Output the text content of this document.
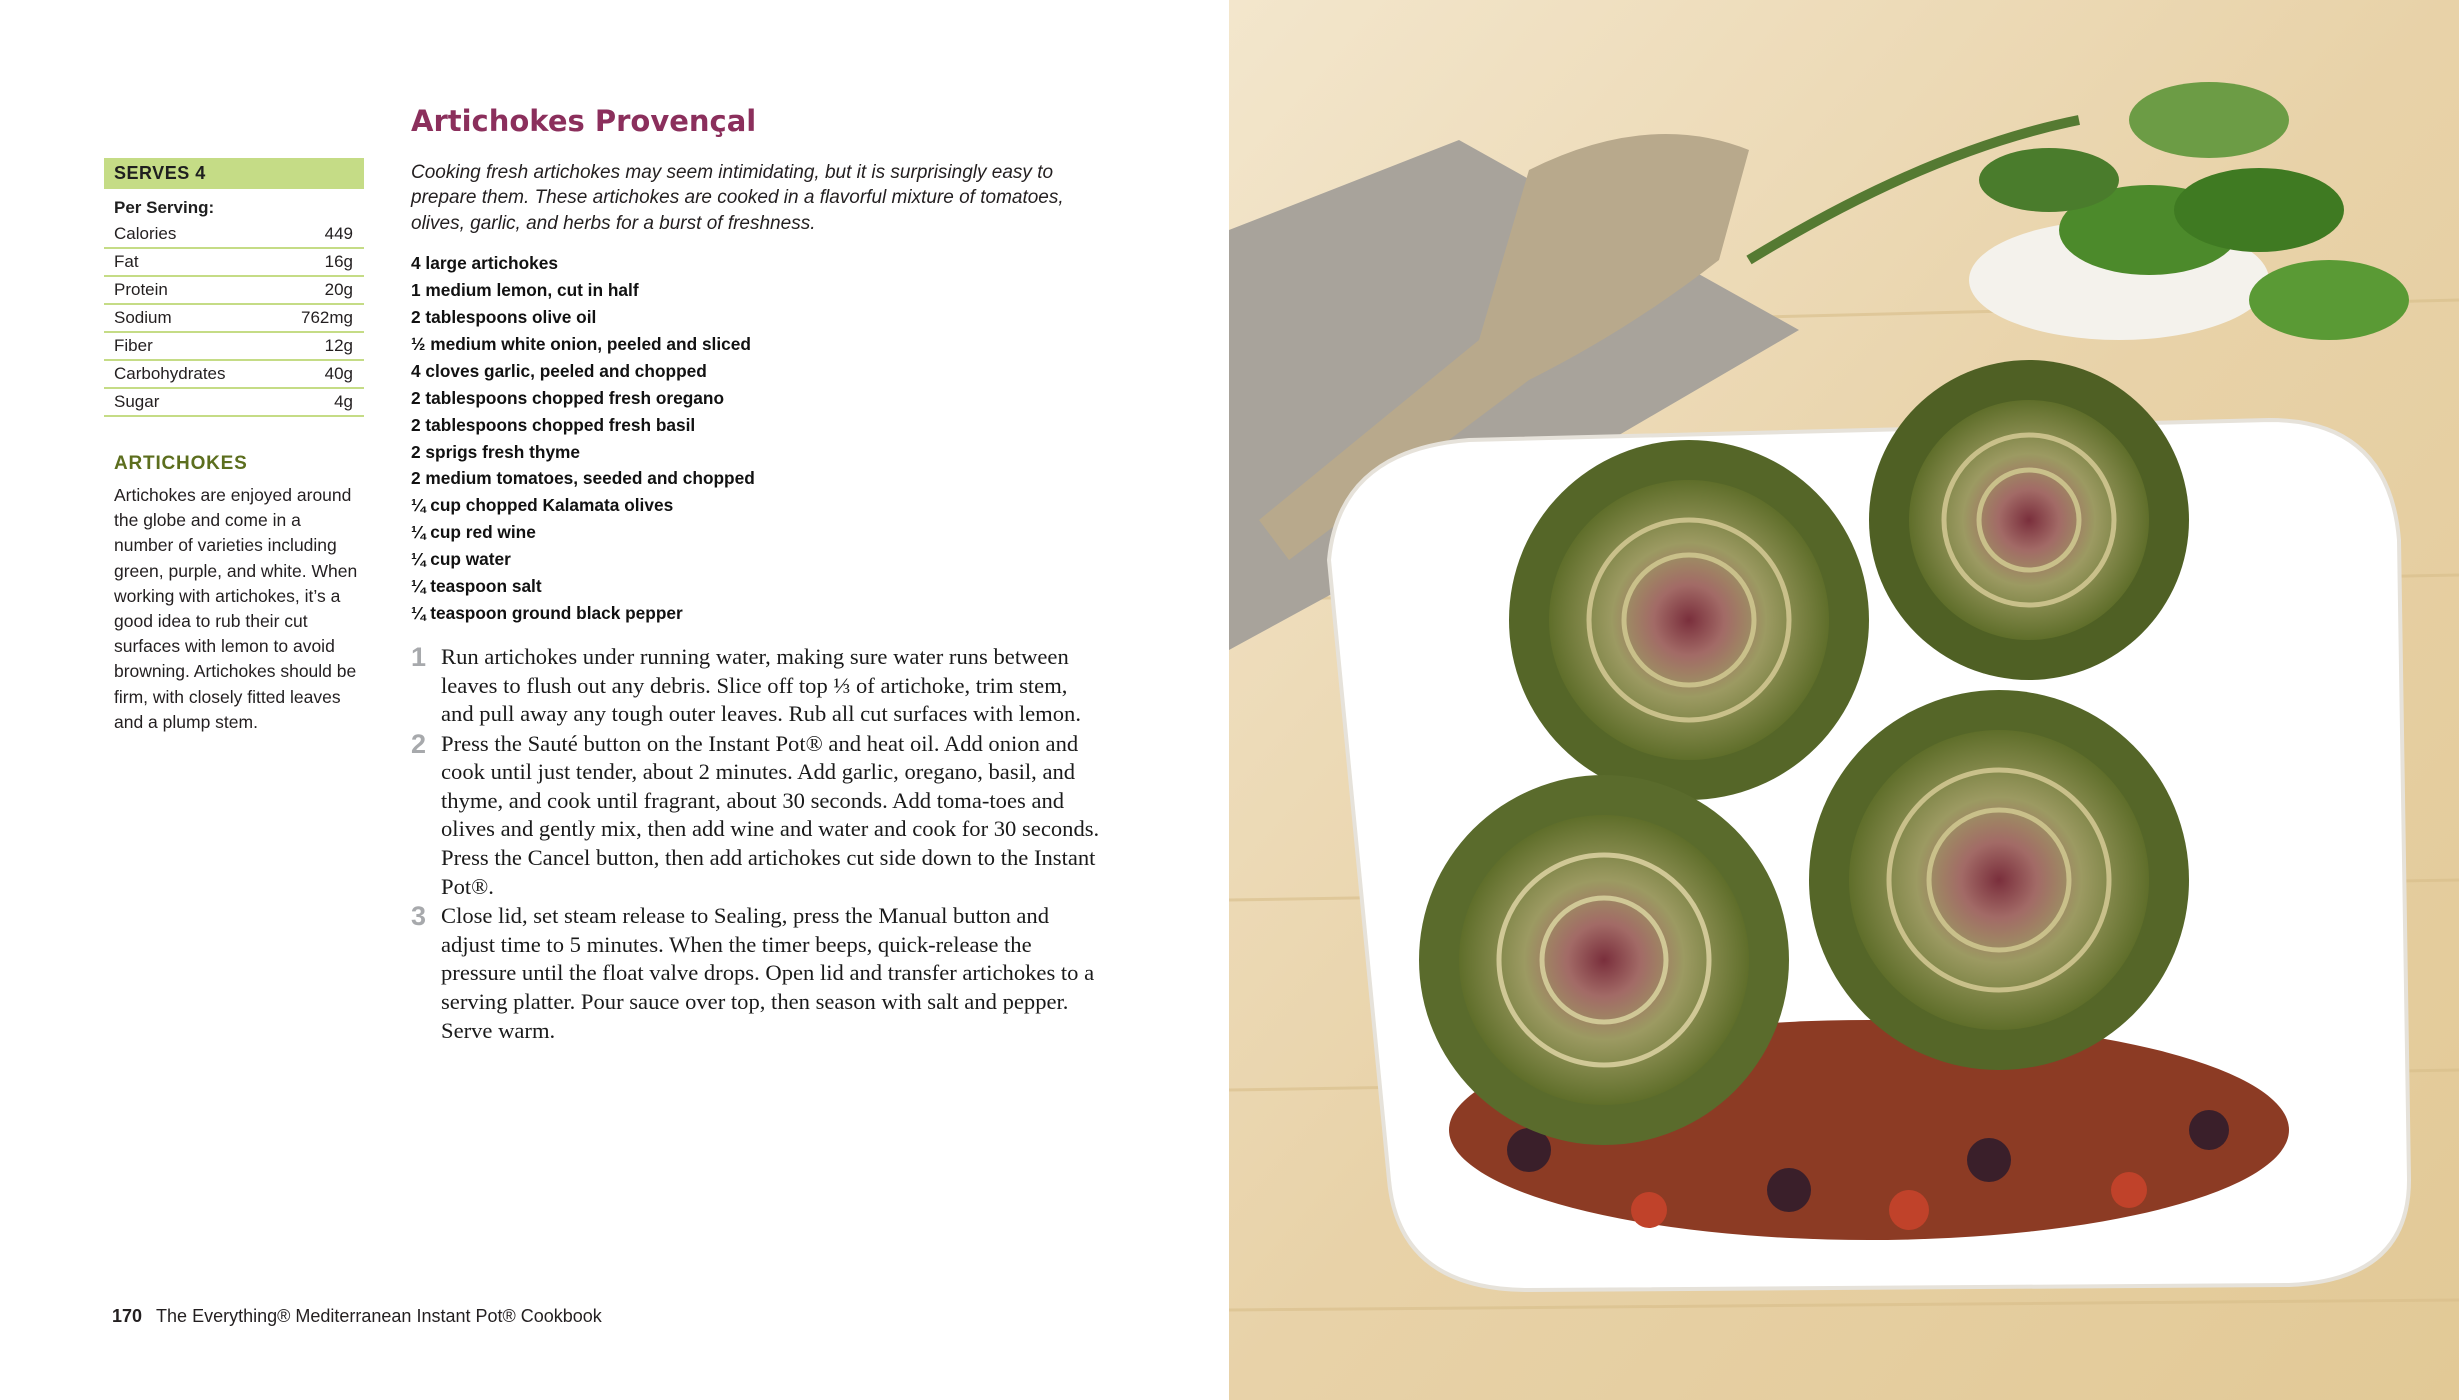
SERVES 4
Per Serving:
Calories	449
Fat	16g
Protein	20g
Sodium	762mg
Fiber	12g
Carbohydrates	40g
Sugar	4g
ARTICHOKES
Artichokes are enjoyed around the globe and come in a number of varieties including green, purple, and white. When working with artichokes, it’s a good idea to rub their cut surfaces with lemon to avoid browning. Artichokes should be firm, with closely fitted leaves and a plump stem.
Artichokes Provençal
Cooking fresh artichokes may seem intimidating, but it is surprisingly easy to prepare them. These artichokes are cooked in a flavorful mixture of tomatoes, olives, garlic, and herbs for a burst of freshness.
4 large artichokes
1 medium lemon, cut in half
2 tablespoons olive oil
½ medium white onion, peeled and sliced
4 cloves garlic, peeled and chopped
2 tablespoons chopped fresh oregano
2 tablespoons chopped fresh basil
2 sprigs fresh thyme
2 medium tomatoes, seeded and chopped
¼ cup chopped Kalamata olives
¼ cup red wine
¼ cup water
¼ teaspoon salt
¼ teaspoon ground black pepper
1 Run artichokes under running water, making sure water runs between leaves to flush out any debris. Slice off top ⅓ of artichoke, trim stem, and pull away any tough outer leaves. Rub all cut surfaces with lemon.
2 Press the Sauté button on the Instant Pot® and heat oil. Add onion and cook until just tender, about 2 minutes. Add garlic, oregano, basil, and thyme, and cook until fragrant, about 30 seconds. Add toma-toes and olives and gently mix, then add wine and water and cook for 30 seconds. Press the Cancel button, then add artichokes cut side down to the Instant Pot®.
3 Close lid, set steam release to Sealing, press the Manual button and adjust time to 5 minutes. When the timer beeps, quick-release the pressure until the float valve drops. Open lid and transfer artichokes to a serving platter. Pour sauce over top, then season with salt and pepper. Serve warm.
170 The Everything® Mediterranean Instant Pot® Cookbook
